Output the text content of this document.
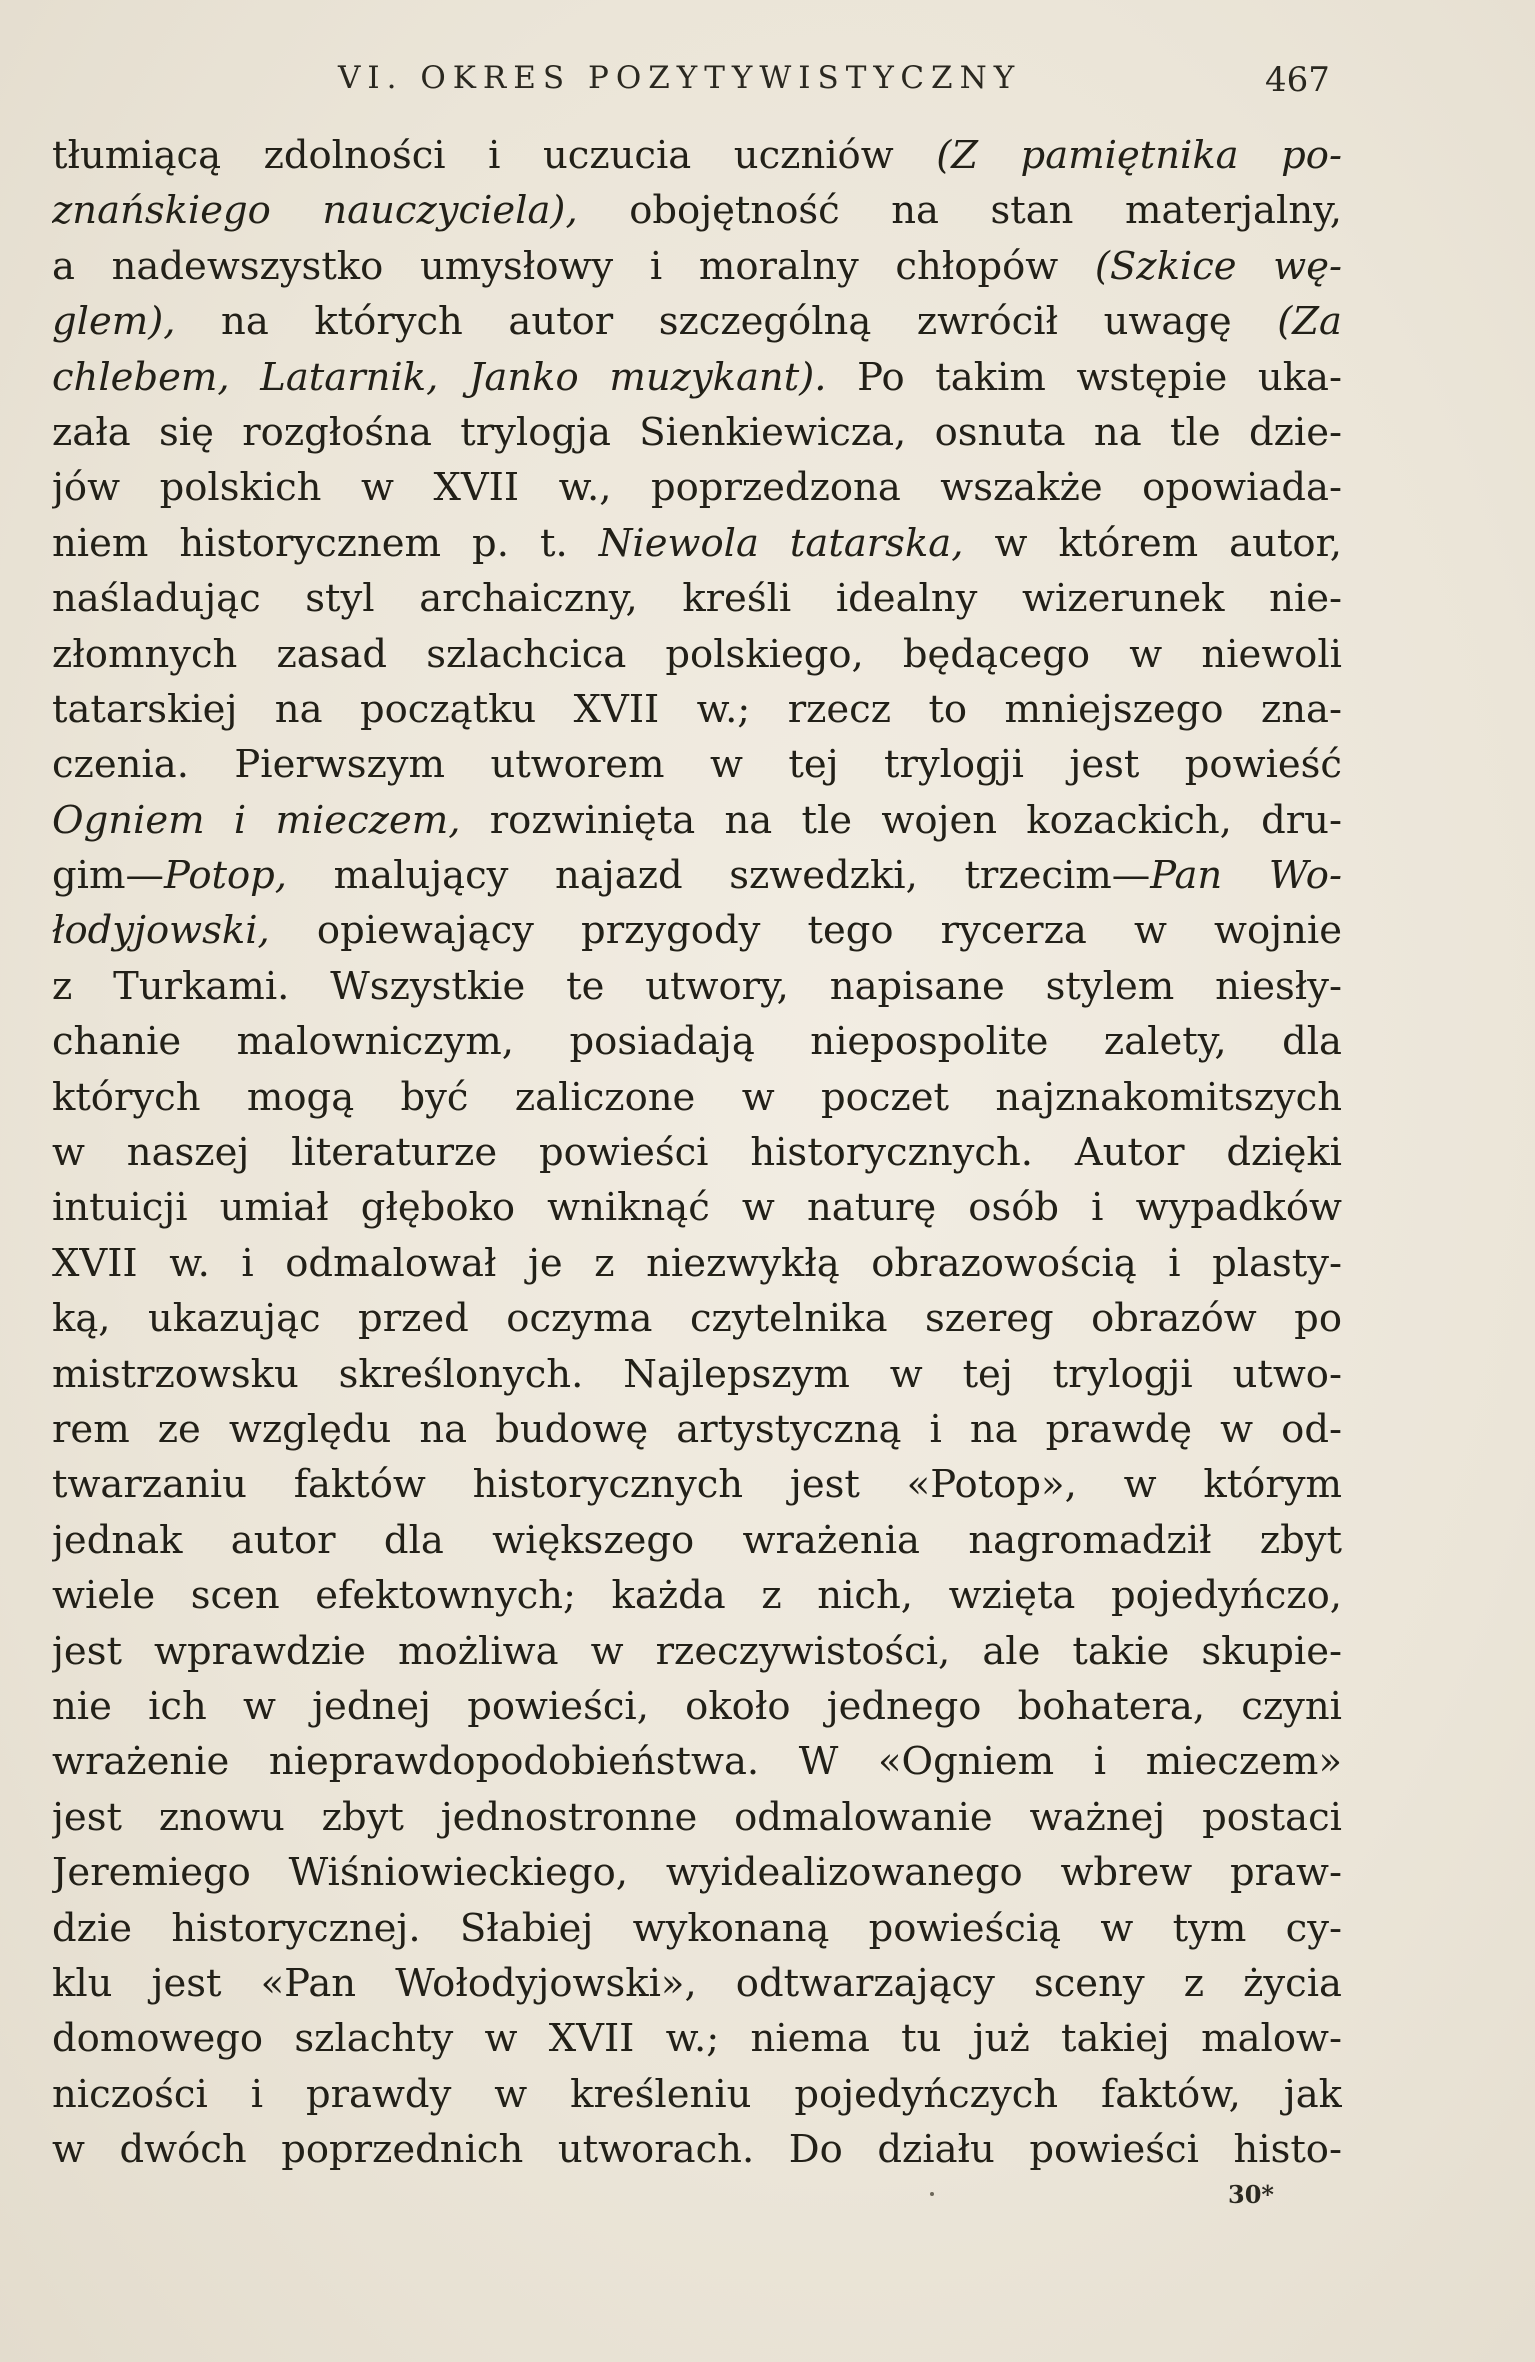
VI. OKRES POZYTYWISTYCZNY	467
tłumiącą zdolności i uczucia uczniów (Z pamiętnika po-
znańskiego nauczyciela), obojętność na stan materjalny,
a nadewszystko umysłowy i moralny chłopów (Szkice wę-
glem), na których autor szczególną zwrócił uwagę (Za
chlebem, Latarnik, Janko muzykant). Po takim wstępie uka-
zała się rozgłośna trylogja Sienkiewicza, osnuta na tle dzie-
jów polskich w XVII w., poprzedzona wszakże opowiada-
niem historycznem p. t. Niewola tatarska, w którem autor,
naśladując styl archaiczny, kreśli idealny wizerunek nie-
złomnych zasad szlachcica polskiego, będącego w niewoli
tatarskiej na początku XVII w.; rzecz to mniejszego zna-
czenia. Pierwszym utworem w tej trylogji jest powieść
Ogniem i mieczem, rozwinięta na tle wojen kozackich, dru-
gim—Potop, malujący najazd szwedzki, trzecim—Pan Wo-
łodyjowski, opiewający przygody tego rycerza w wojnie
z Turkami. Wszystkie te utwory, napisane stylem niesły-
chanie malowniczym, posiadają niepospolite zalety, dla
których mogą być zaliczone w poczet najznakomitszych
w naszej literaturze powieści historycznych. Autor dzięki
intuicji umiał głęboko wniknąć w naturę osób i wypadków
XVII w. i odmalował je z niezwykłą obrazowością i plasty-
ką, ukazując przed oczyma czytelnika szereg obrazów po
mistrzowsku skreślonych. Najlepszym w tej trylogji utwo-
rem ze względu na budowę artystyczną i na prawdę w od-
twarzaniu faktów historycznych jest «Potop», w którym
jednak autor dla większego wrażenia nagromadził zbyt
wiele scen efektownych; każda z nich, wzięta pojedyńczo,
jest wprawdzie możliwa w rzeczywistości, ale takie skupie-
nie ich w jednej powieści, około jednego bohatera, czyni
wrażenie nieprawdopodobieństwa. W «Ogniem i mieczem»
jest znowu zbyt jednostronne odmalowanie ważnej postaci
Jeremiego Wiśniowieckiego, wyidealizowanego wbrew praw-
dzie historycznej. Słabiej wykonaną powieścią w tym cy-
klu jest «Pan Wołodyjowski», odtwarzający sceny z życia
domowego szlachty w XVII w.; niema tu już takiej malow-
niczości i prawdy w kreśleniu pojedyńczych faktów, jak
w dwóch poprzednich utworach. Do działu powieści histo-
30*
